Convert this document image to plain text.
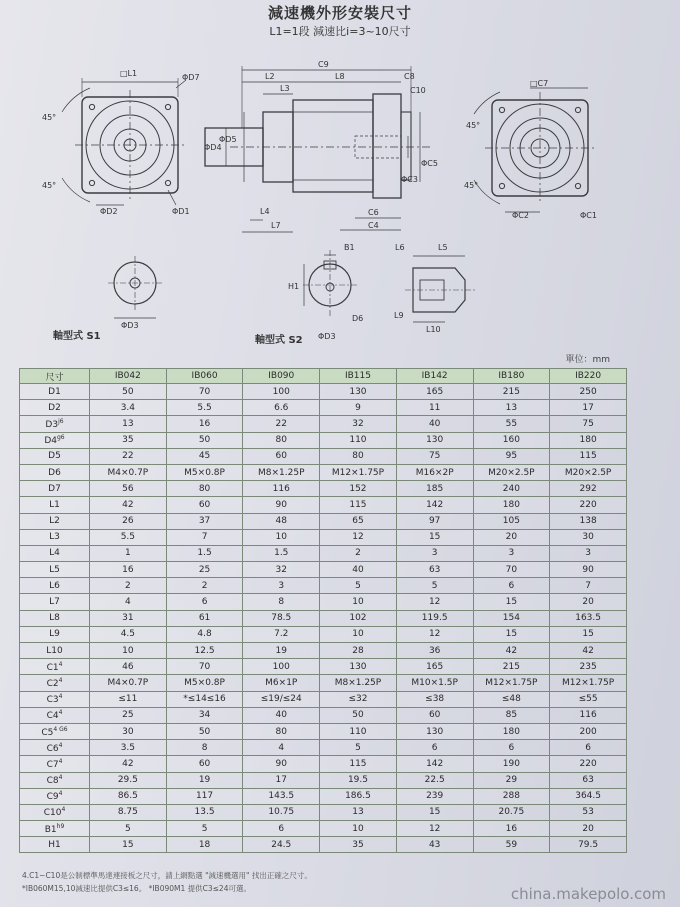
減速機外形安裝尺寸
L1=1段 減速比i=3~10尺寸
□L1	ΦD7
ΦD2	ΦD1
45°
45°
C9
L2	L8	C8
L3	C10
ΦD4
ΦD5
ΦC5
ΦC3
L4
L7
C6
C4
□C7
ΦC2	ΦC1
45°
45°
ΦD3
B1
H1
D6
ΦD3
L6	L5
L9
L10
軸型式 S1	軸型式 S2
單位：mm
尺寸	IB042	IB060	IB090	IB115	IB142	IB180	IB220
D1	50	70	100	130	165	215	250
D2	3.4	5.5	6.6	9	11	13	17
$D3^{j6}$	13	16	22	32	40	55	75
$D4^{g6}$	35	50	80	110	130	160	180
D5	22	45	60	80	75	95	115
D6	M4×0.7P	M5×0.8P	M8×1.25P	M12×1.75P	M16×2P	M20×2.5P	M20×2.5P
D7	56	80	116	152	185	240	292
L1	42	60	90	115	142	180	220
L2	26	37	48	65	97	105	138
L3	5.5	7	10	12	15	20	30
L4	1	1.5	1.5	2	3	3	3
L5	16	25	32	40	63	70	90
L6	2	2	3	5	5	6	7
L7	4	6	8	10	12	15	20
L8	31	61	78.5	102	119.5	154	163.5
L9	4.5	4.8	7.2	10	12	15	15
L10	10	12.5	19	28	36	42	42
$C1^4$	46	70	100	130	165	215	235
$C2^4$	M4×0.7P	M5×0.8P	M6×1P	M8×1.25P	M10×1.5P	M12×1.75P	M12×1.75P
$C3^4$	≤11	*≤14≤16	≤19/≤24	≤32	≤38	≤48	≤55
$C4^4$	25	34	40	50	60	85	116
$C5^{4 G6}$	30	50	80	110	130	180	200
$C6^4$	3.5	8	4	5	6	6	6
$C7^4$	42	60	90	115	142	190	220
$C8^4$	29.5	19	17	19.5	22.5	29	63
$C9^4$	86.5	117	143.5	186.5	239	288	364.5
$C10^4$	8.75	13.5	10.75	13	15	20.75	53
$B1^{h9}$	5	5	6	10	12	16	20
H1	15	18	24.5	35	43	59	79.5
4.C1~C10是公制標準馬達連接板之尺寸，請上網點選 "減速機選用" 找出正確之尺寸。
*IB060M15,10減速比提供C3≤16。 *IB090M1 提供C3≤24可選。	china.makepolo.com
